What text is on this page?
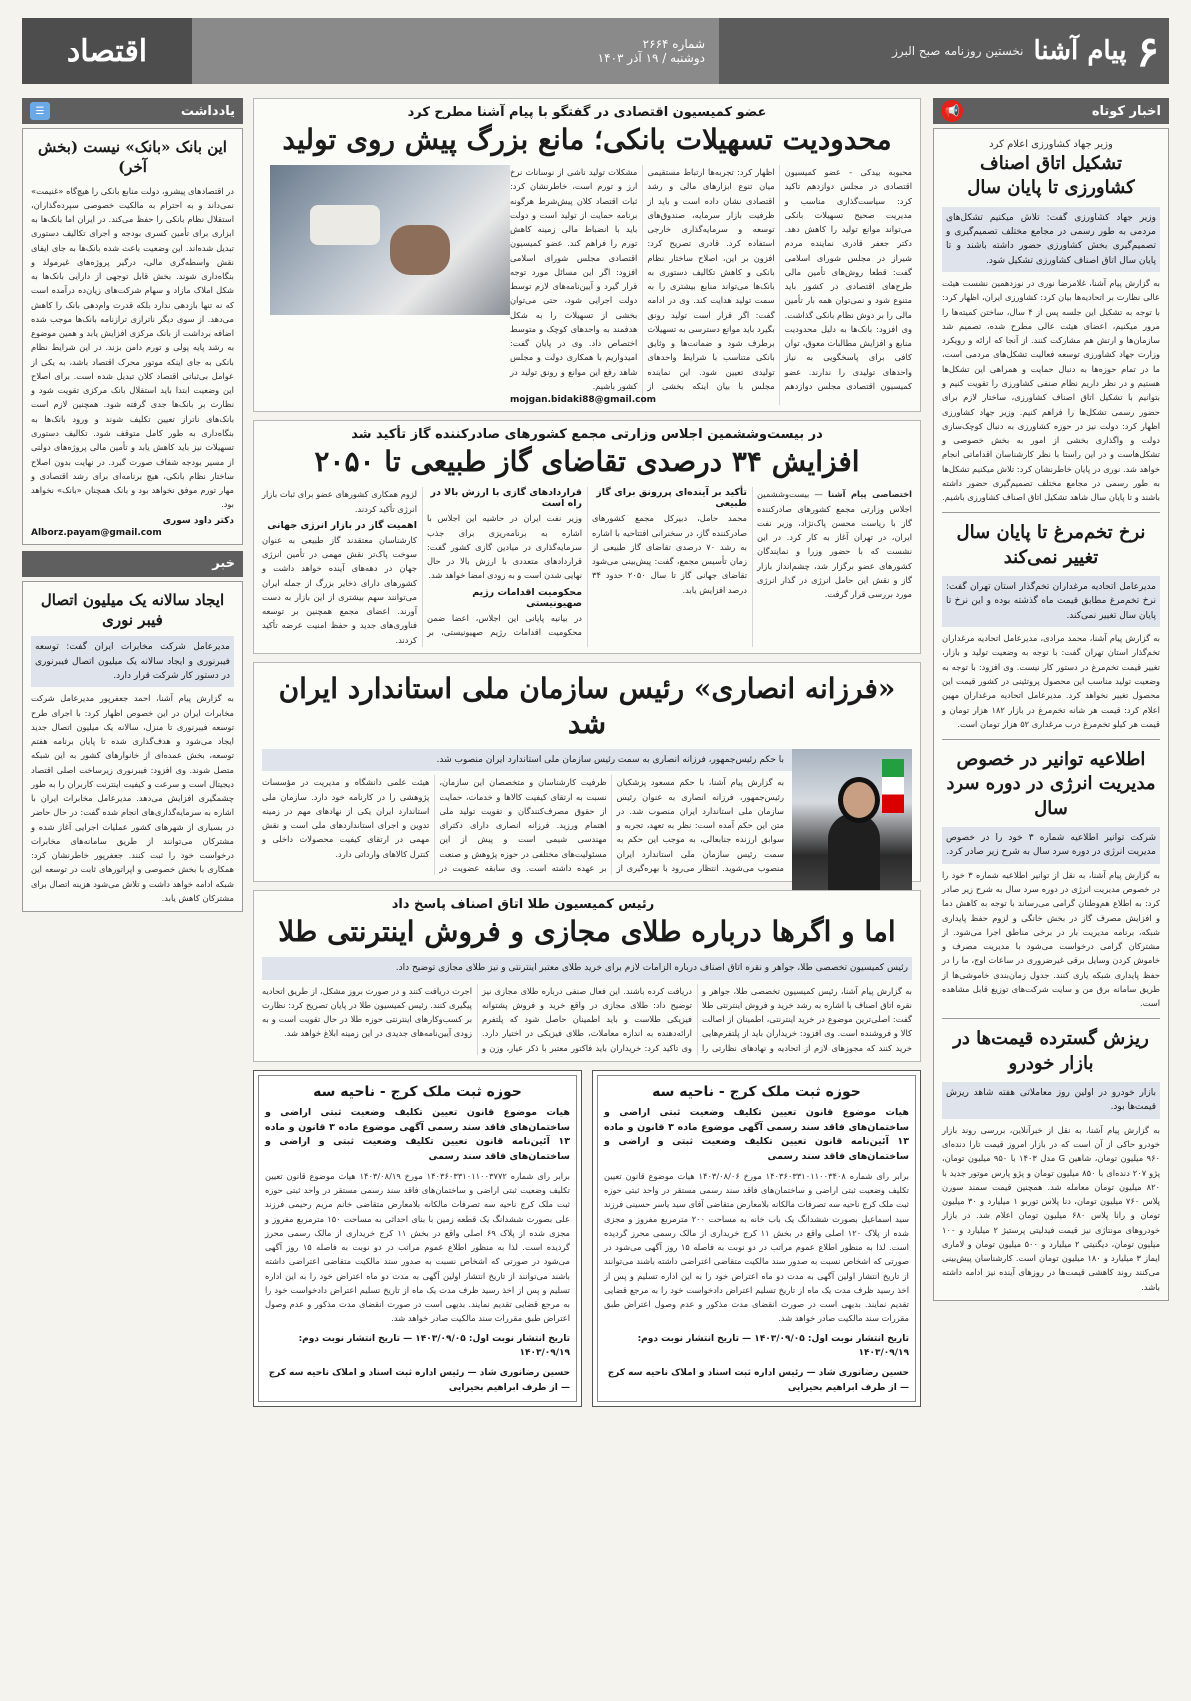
۶
پیام آشنا
نخستین روزنامه صبح البرز
شماره ۲۶۶۴
دوشنبه / ۱۹ آذر ۱۴۰۳
اقتصاد
اخبار کوتاه
📢
وزیر جهاد کشاورزی اعلام کرد
تشکیل اتاق اصناف کشاورزی تا پایان سال
وزیر جهاد کشاورزی گفت: تلاش میکنیم تشکل‌های مردمی به طور رسمی در مجامع مختلف تصمیم‌گیری و تصمیم‌گیری بخش کشاورزی حضور داشته باشند و تا پایان سال اتاق اصناف کشاورزی تشکیل شود.
به گزارش پیام آشنا، غلامرضا نوری در نوزدهمین نشست هیئت عالی نظارت بر اتحادیه‌ها بیان کرد: کشاورزی ایران، اظهار کرد: با توجه به تشکیل این جلسه پس از ۴ سال، ساختن کمیته‌ها را مرور میکنیم، اعضای هیئت عالی مطرح شده، تصمیم شد سازمان‌ها و ارتش هم مشارکت کنند. از آنجا که ارائه و رویکرد وزارت جهاد کشاورزی توسعه فعالیت تشکل‌های مردمی است، ما در تمام حوزه‌ها به دنبال حمایت و همراهی این تشکل‌ها هستیم و در نظر داریم نظام صنفی کشاورزی را تقویت کنیم و بتوانیم با تشکیل اتاق اصناف کشاورزی، ساختار لازم برای حضور رسمی تشکل‌ها را فراهم کنیم. وزیر جهاد کشاورزی اظهار کرد: دولت نیز در حوزه کشاورزی به دنبال کوچک‌سازی دولت و واگذاری بخشی از امور به بخش خصوصی و تشکل‌هاست و در این راستا با نظر کارشناسان اقداماتی انجام خواهد شد. نوری در پایان خاطرنشان کرد: تلاش میکنیم تشکل‌ها به طور رسمی در مجامع مختلف تصمیم‌گیری حضور داشته باشند و تا پایان سال شاهد تشکیل اتاق اصناف کشاورزی باشیم.
نرخ تخم‌مرغ تا پایان سال تغییر نمی‌کند
مدیرعامل اتحادیه مرغداران تخم‌گذار استان تهران گفت: نرخ تخم‌مرغ مطابق قیمت ماه گذشته بوده و این نرخ تا پایان سال تغییر نمی‌کند.
به گزارش پیام آشنا، محمد مرادی، مدیرعامل اتحادیه مرغداران تخم‌گذار استان تهران گفت: با توجه به وضعیت تولید و بازار، تغییر قیمت تخم‌مرغ در دستور کار نیست. وی افزود: با توجه به وضعیت تولید مناسب این محصول پروتئینی در کشور قیمت این محصول تغییر نخواهد کرد. مدیرعامل اتحادیه مرغداران مهین اعلام کرد: قیمت هر شانه تخم‌مرغ در بازار ۱۸۲ هزار تومان و قیمت هر کیلو تخم‌مرغ درب مرغداری ۵۲ هزار تومان است.
اطلاعیه توانیر در خصوص مدیریت انرژی در دوره سرد سال
شرکت توانیر اطلاعیه شماره ۳ خود را در خصوص مدیریت انرژی در دوره سرد سال به شرح زیر صادر کرد.
به گزارش پیام آشنا، به نقل از توانیر اطلاعیه شماره ۳ خود را در خصوص مدیریت انرژی در دوره سرد سال به شرح زیر صادر کرد: به اطلاع هم‌وطنان گرامی می‌رساند با توجه به کاهش دما و افزایش مصرف گاز در بخش خانگی و لزوم حفظ پایداری شبکه، برنامه مدیریت بار در برخی مناطق اجرا می‌شود. از مشترکان گرامی درخواست می‌شود با مدیریت مصرف و خاموش کردن وسایل برقی غیرضروری در ساعات اوج، ما را در حفظ پایداری شبکه یاری کنند. جدول زمان‌بندی خاموشی‌ها از طریق سامانه برق من و سایت شرکت‌های توزیع قابل مشاهده است.
ریزش گسترده قیمت‌ها در بازار خودرو
بازار خودرو در اولین روز معاملاتی هفته شاهد ریزش قیمت‌ها بود.
به گزارش پیام آشنا، به نقل از خبرآنلاین، بررسی روند بازار خودرو حاکی از آن است که در بازار امروز قیمت تارا دنده‌ای ۹۶۰ میلیون تومان، شاهین G مدل ۱۴۰۳ با ۹۵۰ میلیون تومان، پژو ۲۰۷ دنده‌ای با ۸۵۰ میلیون تومان و پژو پارس موتور جدید با ۸۲۰ میلیون تومان معامله شد. همچنین قیمت سمند سورن پلاس ۷۶۰ میلیون تومان، دنا پلاس توربو ۱ میلیارد و ۳۰ میلیون تومان و رانا پلاس ۶۸۰ میلیون تومان اعلام شد. در بازار خودروهای مونتاژی نیز قیمت فیدلیتی پرستیژ ۲ میلیارد و ۱۰۰ میلیون تومان، دیگنیتی ۲ میلیارد و ۵۰۰ میلیون تومان و لاماری ایماز ۳ میلیارد و ۱۸۰ میلیون تومان است. کارشناسان پیش‌بینی می‌کنند روند کاهشی قیمت‌ها در روزهای آینده نیز ادامه داشته باشد.
عضو کمیسیون اقتصادی در گفتگو با پیام آشنا مطرح کرد
محدودیت تسهیلات بانکی؛ مانع بزرگ پیش روی تولید
محبوبه بیدکی - عضو کمیسیون اقتصادی در مجلس دوازدهم تاکید کرد: سیاست‌گذاری مناسب و مدیریت صحیح تسهیلات بانکی می‌تواند موانع تولید را کاهش دهد. دکتر جعفر قادری نماینده مردم شیراز در مجلس شورای اسلامی گفت: قطعا روش‌های تأمین مالی طرح‌های اقتصادی در کشور باید متنوع شود و نمی‌توان همه بار تأمین مالی را بر دوش نظام بانکی گذاشت. وی افزود: بانک‌ها به دلیل محدودیت منابع و افزایش مطالبات معوق، توان کافی برای پاسخگویی به نیاز واحدهای تولیدی را ندارند. عضو کمیسیون اقتصادی مجلس دوازدهم اظهار کرد: تجربه‌ها ارتباط مستقیمی میان تنوع ابزارهای مالی و رشد اقتصادی نشان داده است و باید از ظرفیت بازار سرمایه، صندوق‌های توسعه و سرمایه‌گذاری خارجی استفاده کرد. قادری تصریح کرد: افزون بر این، اصلاح ساختار نظام بانکی و کاهش تکالیف دستوری به بانک‌ها می‌تواند منابع بیشتری را به سمت تولید هدایت کند. وی در ادامه گفت: اگر قرار است تولید رونق بگیرد باید موانع دسترسی به تسهیلات برطرف شود و ضمانت‌ها و وثایق بانکی متناسب با شرایط واحدهای تولیدی تعیین شود. این نماینده مجلس با بیان اینکه بخشی از مشکلات تولید ناشی از نوسانات نرخ ارز و تورم است، خاطرنشان کرد: ثبات اقتصاد کلان پیش‌شرط هرگونه برنامه حمایت از تولید است و دولت باید با انضباط مالی زمینه کاهش تورم را فراهم کند. عضو کمیسیون اقتصادی مجلس شورای اسلامی افزود: اگر این مسائل مورد توجه قرار گیرد و آیین‌نامه‌های لازم توسط دولت اجرایی شود، حتی می‌توان بخشی از تسهیلات را به شکل هدفمند به واحدهای کوچک و متوسط اختصاص داد. وی در پایان گفت: امیدواریم با همکاری دولت و مجلس شاهد رفع این موانع و رونق تولید در کشور باشیم.
mojgan.bidaki88@gmail.com
در بیست‌وششمین اجلاس وزارتی مجمع کشورهای صادرکننده گاز تأکید شد
افزایش ۳۴ درصدی تقاضای گاز طبیعی تا ۲۰۵۰
اختصاصی پیام آشنا — بیست‌وششمین اجلاس وزارتی مجمع کشورهای صادرکننده گاز با ریاست محسن پاک‌نژاد، وزیر نفت ایران، در تهران آغاز به کار کرد. در این نشست که با حضور وزرا و نمایندگان کشورهای عضو برگزار شد، چشم‌انداز بازار گاز و نقش این حامل انرژی در گذار انرژی مورد بررسی قرار گرفت.
تأکید بر آینده‌ای پررونق برای گاز طبیعی
محمد حامل، دبیرکل مجمع کشورهای صادرکننده گاز، در سخنرانی افتتاحیه با اشاره به رشد ۷۰ درصدی تقاضای گاز طبیعی از زمان تأسیس مجمع، گفت: پیش‌بینی می‌شود تقاضای جهانی گاز تا سال ۲۰۵۰ حدود ۳۴ درصد افزایش یابد.
قراردادهای گازی با ارزش بالا در راه است
وزیر نفت ایران در حاشیه این اجلاس با اشاره به برنامه‌ریزی برای جذب سرمایه‌گذاری در میادین گازی کشور گفت: قراردادهای متعددی با ارزش بالا در حال نهایی شدن است و به زودی امضا خواهد شد.
محکومیت اقدامات رژیم صهیونیستی
در بیانیه پایانی این اجلاس، اعضا ضمن محکومیت اقدامات رژیم صهیونیستی، بر لزوم همکاری کشورهای عضو برای ثبات بازار انرژی تأکید کردند.
اهمیت گاز در بازار انرژی جهانی
کارشناسان معتقدند گاز طبیعی به عنوان سوخت پاک‌تر نقش مهمی در تأمین انرژی جهان در دهه‌های آینده خواهد داشت و کشورهای دارای ذخایر بزرگ از جمله ایران می‌توانند سهم بیشتری از این بازار به دست آورند. اعضای مجمع همچنین بر توسعه فناوری‌های جدید و حفظ امنیت عرضه تأکید کردند.
«فرزانه انصاری» رئیس سازمان ملی استاندارد ایران شد
با حکم رئیس‌جمهور، فرزانه انصاری به سمت رئیس سازمان ملی استاندارد ایران منصوب شد.
به گزارش پیام آشنا، با حکم مسعود پزشکیان رئیس‌جمهور، فرزانه انصاری به عنوان رئیس سازمان ملی استاندارد ایران منصوب شد. در متن این حکم آمده است: نظر به تعهد، تجربه و سوابق ارزنده جنابعالی، به موجب این حکم به سمت رئیس سازمان ملی استاندارد ایران منصوب می‌شوید. انتظار می‌رود با بهره‌گیری از ظرفیت کارشناسان و متخصصان این سازمان، نسبت به ارتقای کیفیت کالاها و خدمات، حمایت از حقوق مصرف‌کنندگان و تقویت تولید ملی اهتمام ورزید. فرزانه انصاری دارای دکترای مهندسی شیمی است و پیش از این مسئولیت‌های مختلفی در حوزه پژوهش و صنعت بر عهده داشته است. وی سابقه عضویت در هیئت علمی دانشگاه و مدیریت در مؤسسات پژوهشی را در کارنامه خود دارد. سازمان ملی استاندارد ایران یکی از نهادهای مهم در زمینه تدوین و اجرای استانداردهای ملی است و نقش مهمی در ارتقای کیفیت محصولات داخلی و کنترل کالاهای وارداتی دارد.
رئیس کمیسیون طلا اتاق اصناف پاسخ داد
اما و اگرها درباره طلای مجازی و فروش اینترنتی طلا
رئیس کمیسیون تخصصی طلا، جواهر و نقره اتاق اصناف درباره الزامات لازم برای خرید طلای معتبر اینترنتی و نیز طلای مجازی توضیح داد.
به گزارش پیام آشنا، رئیس کمیسیون تخصصی طلا، جواهر و نقره اتاق اصناف با اشاره به رشد خرید و فروش اینترنتی طلا گفت: اصلی‌ترین موضوع در خرید اینترنتی، اطمینان از اصالت کالا و فروشنده است. وی افزود: خریداران باید از پلتفرم‌هایی خرید کنند که مجوزهای لازم از اتحادیه و نهادهای نظارتی را دریافت کرده باشند. این فعال صنفی درباره طلای مجازی نیز توضیح داد: طلای مجازی در واقع خرید و فروش پشتوانه فیزیکی طلاست و باید اطمینان حاصل شود که پلتفرم ارائه‌دهنده به اندازه معاملات، طلای فیزیکی در اختیار دارد. وی تاکید کرد: خریداران باید فاکتور معتبر با ذکر عیار، وزن و اجرت دریافت کنند و در صورت بروز مشکل، از طریق اتحادیه پیگیری کنند. رئیس کمیسیون طلا در پایان تصریح کرد: نظارت بر کسب‌وکارهای اینترنتی حوزه طلا در حال تقویت است و به زودی آیین‌نامه‌های جدیدی در این زمینه ابلاغ خواهد شد.
حوزه ثبت ملک کرج - ناحیه سه
هیات موضوع قانون تعیین تکلیف وضعیت ثبتی اراضی و ساختمان‌های فاقد سند رسمی آگهی موضوع ماده ۳ قانون و ماده ۱۳ آئین‌نامه قانون تعیین تکلیف وضعیت ثبتی و اراضی و ساختمان‌های فاقد سند رسمی
برابر رای شماره ۱۴۰۳۶۰۳۳۱۰۱۱۰۰۳۴۰۸ مورخ ۱۴۰۳/۰۸/۰۶ هیات موضوع قانون تعیین تکلیف وضعیت ثبتی اراضی و ساختمان‌های فاقد سند رسمی مستقر در واحد ثبتی حوزه ثبت ملک کرج ناحیه سه تصرفات مالکانه بلامعارض متقاضی آقای سید یاسر حسینی فرزند سید اسماعیل بصورت ششدانگ یک باب خانه به مساحت ۲۰۰ مترمربع مفروز و مجزی شده از پلاک ۱۲۰ اصلی واقع در بخش ۱۱ کرج خریداری از مالک رسمی محرز گردیده است. لذا به منظور اطلاع عموم مراتب در دو نوبت به فاصله ۱۵ روز آگهی می‌شود در صورتی که اشخاص نسبت به صدور سند مالکیت متقاضی اعتراضی داشته باشند می‌توانند از تاریخ انتشار اولین آگهی به مدت دو ماه اعتراض خود را به این اداره تسلیم و پس از اخذ رسید ظرف مدت یک ماه از تاریخ تسلیم اعتراض دادخواست خود را به مرجع قضایی تقدیم نمایند. بدیهی است در صورت انقضای مدت مذکور و عدم وصول اعتراض طبق مقررات سند مالکیت صادر خواهد شد.
تاریخ انتشار نوبت اول: ۱۴۰۳/۰۹/۰۵ — تاریخ انتشار نوبت دوم: ۱۴۰۳/۰۹/۱۹
حسین رضانوری شاد — رئیس اداره ثبت اسناد و املاک ناحیه سه کرج — از طرف ابراهیم بحیرایی
حوزه ثبت ملک کرج - ناحیه سه
هیات موضوع قانون تعیین تکلیف وضعیت ثبتی اراضی و ساختمان‌های فاقد سند رسمی آگهی موضوع ماده ۳ قانون و ماده ۱۳ آئین‌نامه قانون تعیین تکلیف وضعیت ثبتی و اراضی و ساختمان‌های فاقد سند رسمی
برابر رای شماره ۱۴۰۳۶۰۳۳۱۰۱۱۰۰۳۷۷۲ مورخ ۱۴۰۳/۰۸/۱۹ هیات موضوع قانون تعیین تکلیف وضعیت ثبتی اراضی و ساختمان‌های فاقد سند رسمی مستقر در واحد ثبتی حوزه ثبت ملک کرج ناحیه سه تصرفات مالکانه بلامعارض متقاضی خانم مریم رحیمی فرزند علی بصورت ششدانگ یک قطعه زمین با بنای احداثی به مساحت ۱۵۰ مترمربع مفروز و مجزی شده از پلاک ۶۹ اصلی واقع در بخش ۱۱ کرج خریداری از مالک رسمی محرز گردیده است. لذا به منظور اطلاع عموم مراتب در دو نوبت به فاصله ۱۵ روز آگهی می‌شود در صورتی که اشخاص نسبت به صدور سند مالکیت متقاضی اعتراضی داشته باشند می‌توانند از تاریخ انتشار اولین آگهی به مدت دو ماه اعتراض خود را به این اداره تسلیم و پس از اخذ رسید ظرف مدت یک ماه از تاریخ تسلیم اعتراض دادخواست خود را به مرجع قضایی تقدیم نمایند. بدیهی است در صورت انقضای مدت مذکور و عدم وصول اعتراض طبق مقررات سند مالکیت صادر خواهد شد.
تاریخ انتشار نوبت اول: ۱۴۰۳/۰۹/۰۵ — تاریخ انتشار نوبت دوم: ۱۴۰۳/۰۹/۱۹
حسین رضانوری شاد — رئیس اداره ثبت اسناد و املاک ناحیه سه کرج — از طرف ابراهیم بحیرایی
یادداشت
☰
این بانک «بانک» نیست (بخش آخر)
در اقتصادهای پیشرو، دولت منابع بانکی را هیچ‌گاه «غنیمت» نمی‌داند و به احترام به مالکیت خصوصی سپرده‌گذاران، استقلال نظام بانکی را حفظ می‌کند. در ایران اما بانک‌ها به ابزاری برای تأمین کسری بودجه و اجرای تکالیف دستوری تبدیل شده‌اند. این وضعیت باعث شده بانک‌ها به جای ایفای نقش واسطه‌گری مالی، درگیر پروژه‌های غیرمولد و بنگاه‌داری شوند. بخش قابل توجهی از دارایی بانک‌ها به شکل املاک مازاد و سهام شرکت‌های زیان‌ده درآمده است که نه تنها بازدهی ندارد بلکه قدرت وام‌دهی بانک را کاهش می‌دهد. از سوی دیگر ناترازی ترازنامه بانک‌ها موجب شده اضافه برداشت از بانک مرکزی افزایش یابد و همین موضوع به رشد پایه پولی و تورم دامن بزند. در این شرایط نظام بانکی به جای اینکه موتور محرک اقتصاد باشد، به یکی از عوامل بی‌ثباتی اقتصاد کلان تبدیل شده است. برای اصلاح این وضعیت ابتدا باید استقلال بانک مرکزی تقویت شود و نظارت بر بانک‌ها جدی گرفته شود. همچنین لازم است بانک‌های ناتراز تعیین تکلیف شوند و ورود بانک‌ها به بنگاه‌داری به طور کامل متوقف شود. تکالیف دستوری تسهیلات نیز باید کاهش یابد و تأمین مالی پروژه‌های دولتی از مسیر بودجه شفاف صورت گیرد. در نهایت بدون اصلاح ساختار نظام بانکی، هیچ برنامه‌ای برای رشد اقتصادی و مهار تورم موفق نخواهد بود و بانک همچنان «بانک» نخواهد بود.
دکتر داود سوری
Alborz.payam@gmail.com
خبر
ایجاد سالانه یک میلیون اتصال فیبر نوری
مدیرعامل شرکت مخابرات ایران گفت: توسعه فیبرنوری و ایجاد سالانه یک میلیون اتصال فیبرنوری در دستور کار شرکت قرار دارد.
به گزارش پیام آشنا، احمد جعفرپور مدیرعامل شرکت مخابرات ایران در این خصوص اظهار کرد: با اجرای طرح توسعه فیبرنوری تا منزل، سالانه یک میلیون اتصال جدید ایجاد می‌شود و هدف‌گذاری شده تا پایان برنامه هفتم توسعه، بخش عمده‌ای از خانوارهای کشور به این شبکه متصل شوند. وی افزود: فیبرنوری زیرساخت اصلی اقتصاد دیجیتال است و سرعت و کیفیت اینترنت کاربران را به طور چشمگیری افزایش می‌دهد. مدیرعامل مخابرات ایران با اشاره به سرمایه‌گذاری‌های انجام شده گفت: در حال حاضر در بسیاری از شهرهای کشور عملیات اجرایی آغاز شده و مشترکان می‌توانند از طریق سامانه‌های مخابرات درخواست خود را ثبت کنند. جعفرپور خاطرنشان کرد: همکاری با بخش خصوصی و اپراتورهای ثابت در توسعه این شبکه ادامه خواهد داشت و تلاش می‌شود هزینه اتصال برای مشترکان کاهش یابد.
